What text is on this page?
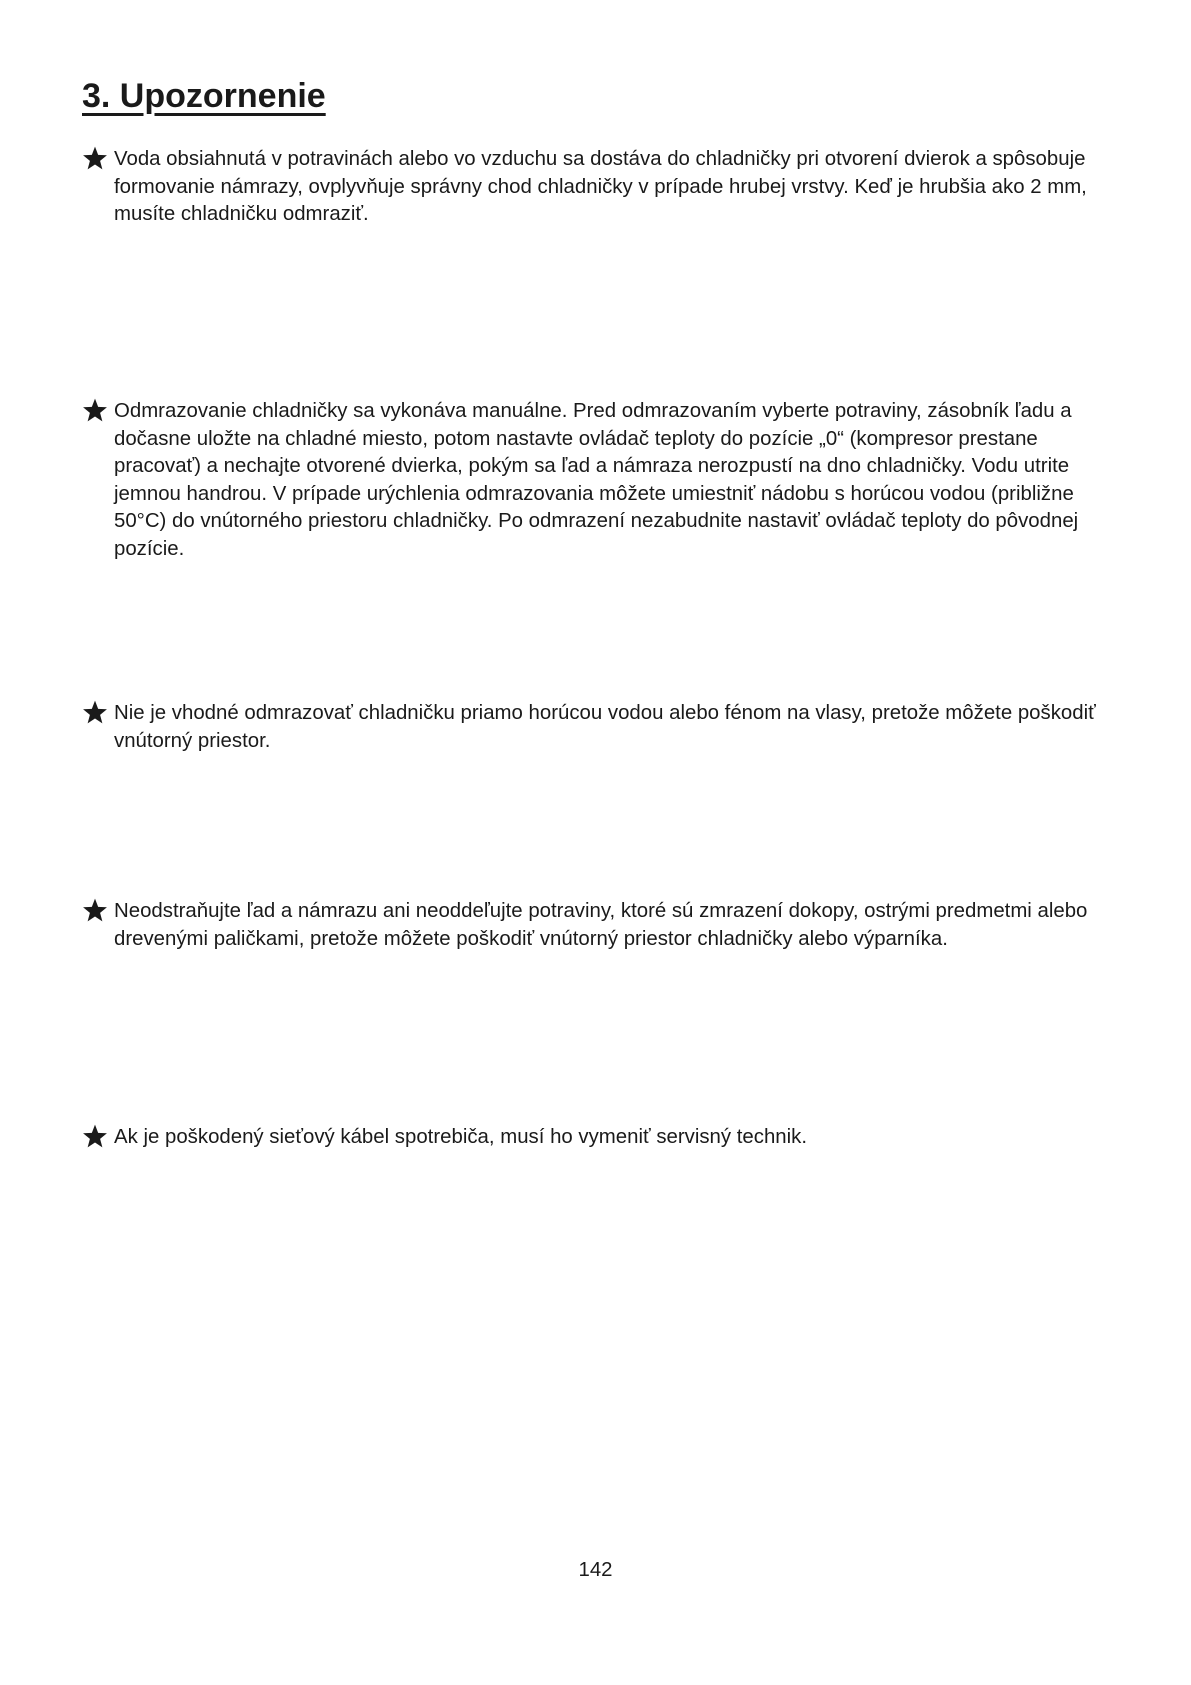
3. Upozornenie

Voda obsiahnutá v potravinách alebo vo vzduchu sa dostáva do chladničky pri otvorení dvierok a spôsobuje formovanie námrazy, ovplyvňuje správny chod chladničky v prípade hrubej vrstvy. Keď je hrubšia ako 2 mm, musíte chladničku odmraziť.

Odmrazovanie chladničky sa vykonáva manuálne. Pred odmrazovaním vyberte potraviny, zásobník ľadu a dočasne uložte na chladné miesto, potom nastavte ovládač teploty do pozície „0“ (kompresor prestane pracovať) a nechajte otvorené dvierka, pokým sa ľad a námraza nerozpustí na dno chladničky. Vodu utrite jemnou handrou. V prípade urýchlenia odmrazovania môžete umiestniť nádobu s horúcou vodou (približne 50°C) do vnútorného priestoru chladničky. Po odmrazení nezabudnite nastaviť ovládač teploty do pôvodnej pozície.

Nie je vhodné odmrazovať chladničku priamo horúcou vodou alebo fénom na vlasy, pretože môžete poškodiť vnútorný priestor.

Neodstraňujte ľad a námrazu ani neoddeľujte potraviny, ktoré sú zmrazení dokopy, ostrými predmetmi alebo drevenými paličkami, pretože môžete poškodiť vnútorný priestor chladničky alebo výparníka.

Ak je poškodený sieťový kábel spotrebiča, musí ho vymeniť servisný technik.

142
